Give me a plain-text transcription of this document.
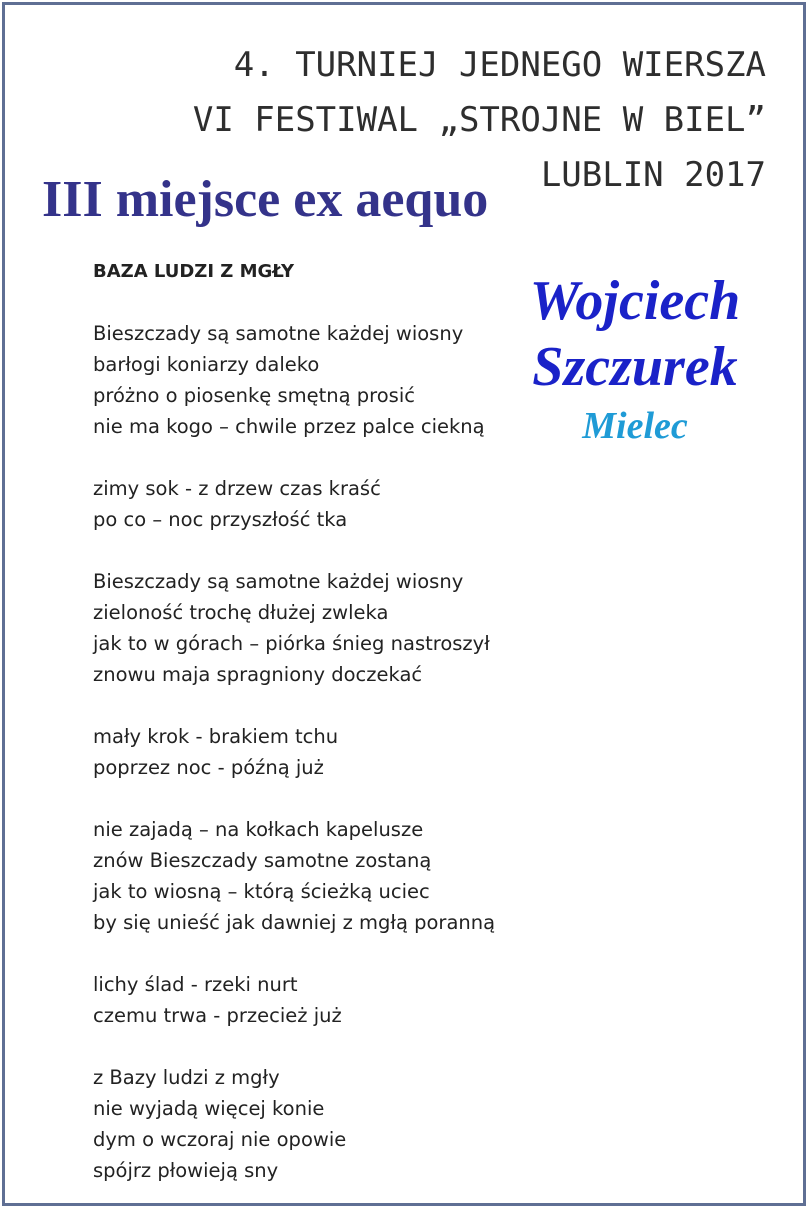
4. TURNIEJ JEDNEGO WIERSZA
VI FESTIWAL „STROJNE W BIEL”
LUBLIN 2017
III miejsce ex aequo
Wojciech
Szczurek
Mielec
BAZA LUDZI Z MGŁY
Bieszczady są samotne każdej wiosny
barłogi koniarzy daleko
próżno o piosenkę smętną prosić
nie ma kogo – chwile przez palce ciekną
zimy sok - z drzew czas kraść
po co – noc przyszłość tka
Bieszczady są samotne każdej wiosny
zieloność trochę dłużej zwleka
jak to w górach – piórka śnieg nastroszył
znowu maja spragniony doczekać
mały krok - brakiem tchu
poprzez noc - późną już
nie zajadą – na kołkach kapelusze
znów Bieszczady samotne zostaną
jak to wiosną – którą ścieżką uciec
by się unieść jak dawniej z mgłą poranną
lichy ślad - rzeki nurt
czemu trwa - przecież już
z Bazy ludzi z mgły
nie wyjadą więcej konie
dym o wczoraj nie opowie
spójrz płowieją sny
